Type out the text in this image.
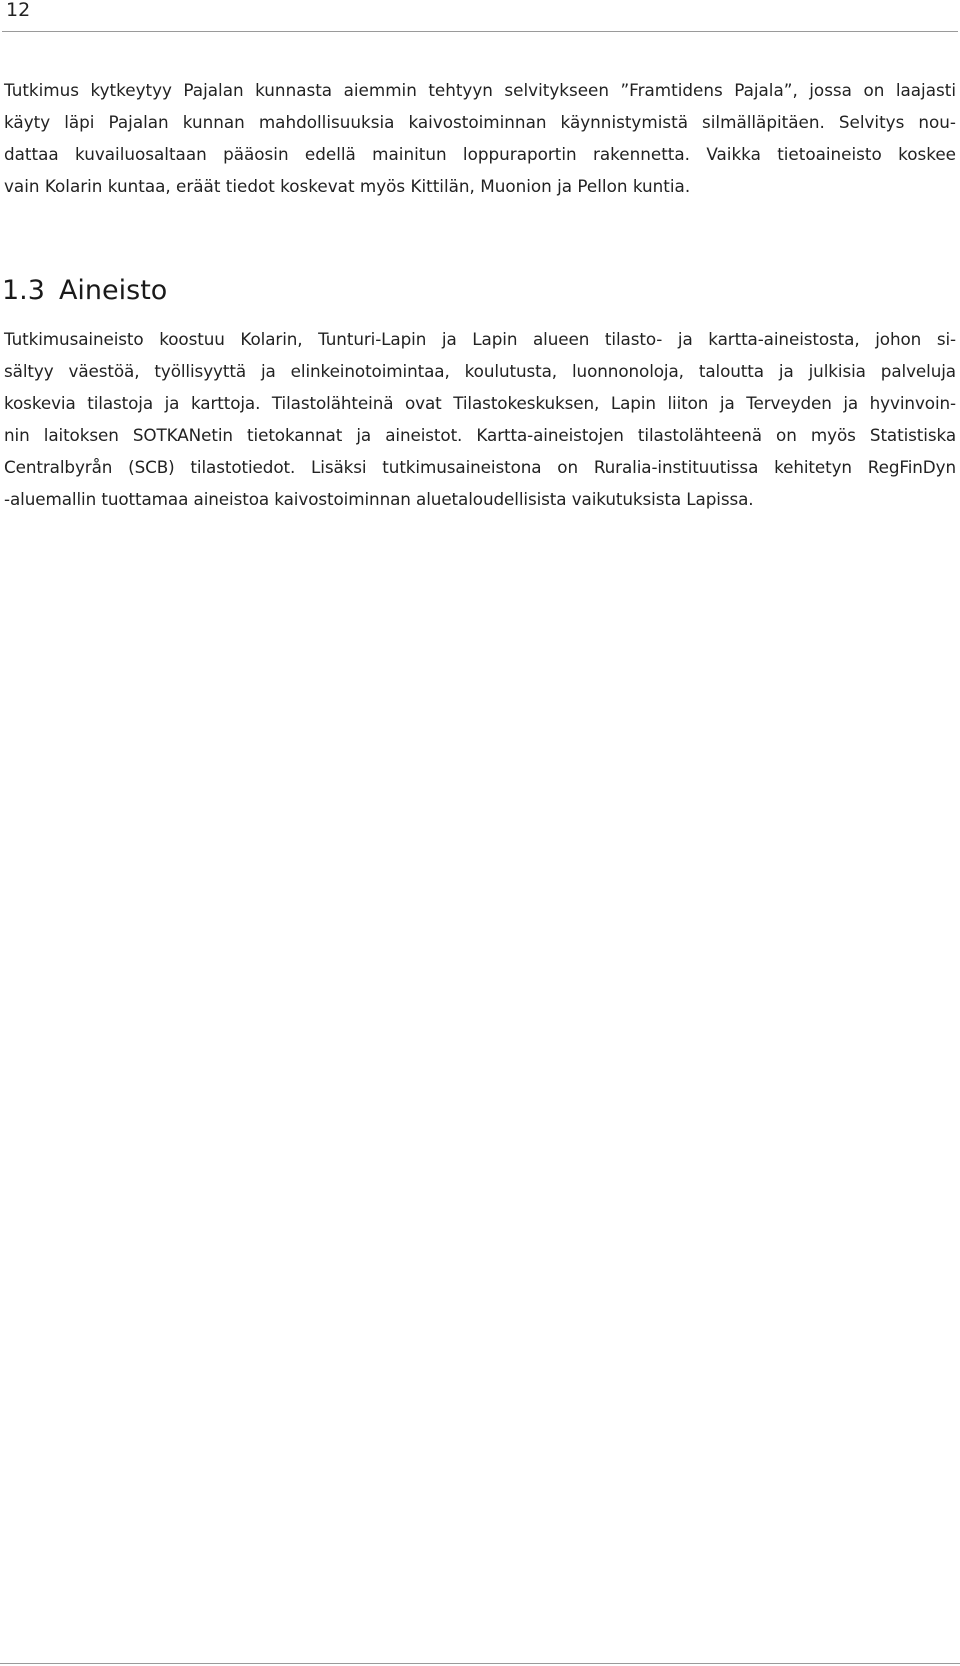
12
Tutkimus kytkeytyy Pajalan kunnasta aiemmin tehtyyn selvitykseen ”Framtidens Pajala”, jossa on laajasti
käyty läpi Pajalan kunnan mahdollisuuksia kaivostoiminnan käynnistymistä silmälläpitäen. Selvitys nou-
dattaa kuvailuosaltaan pääosin edellä mainitun loppuraportin rakennetta. Vaikka tietoaineisto koskee
vain Kolarin kuntaa, eräät tiedot koskevat myös Kittilän, Muonion ja Pellon kuntia.
1.3 Aineisto
Tutkimusaineisto koostuu Kolarin, Tunturi-Lapin ja Lapin alueen tilasto- ja kartta-aineistosta, johon si-
sältyy väestöä, työllisyyttä ja elinkeinotoimintaa, koulutusta, luonnonoloja, taloutta ja julkisia palveluja
koskevia tilastoja ja karttoja. Tilastolähteinä ovat Tilastokeskuksen, Lapin liiton ja Terveyden ja hyvinvoin-
nin laitoksen SOTKANetin tietokannat ja aineistot. Kartta-aineistojen tilastolähteenä on myös Statistiska
Centralbyrån (SCB) tilastotiedot. Lisäksi tutkimusaineistona on Ruralia-instituutissa kehitetyn RegFinDyn
-aluemallin tuottamaa aineistoa kaivostoiminnan aluetaloudellisista vaikutuksista Lapissa.
